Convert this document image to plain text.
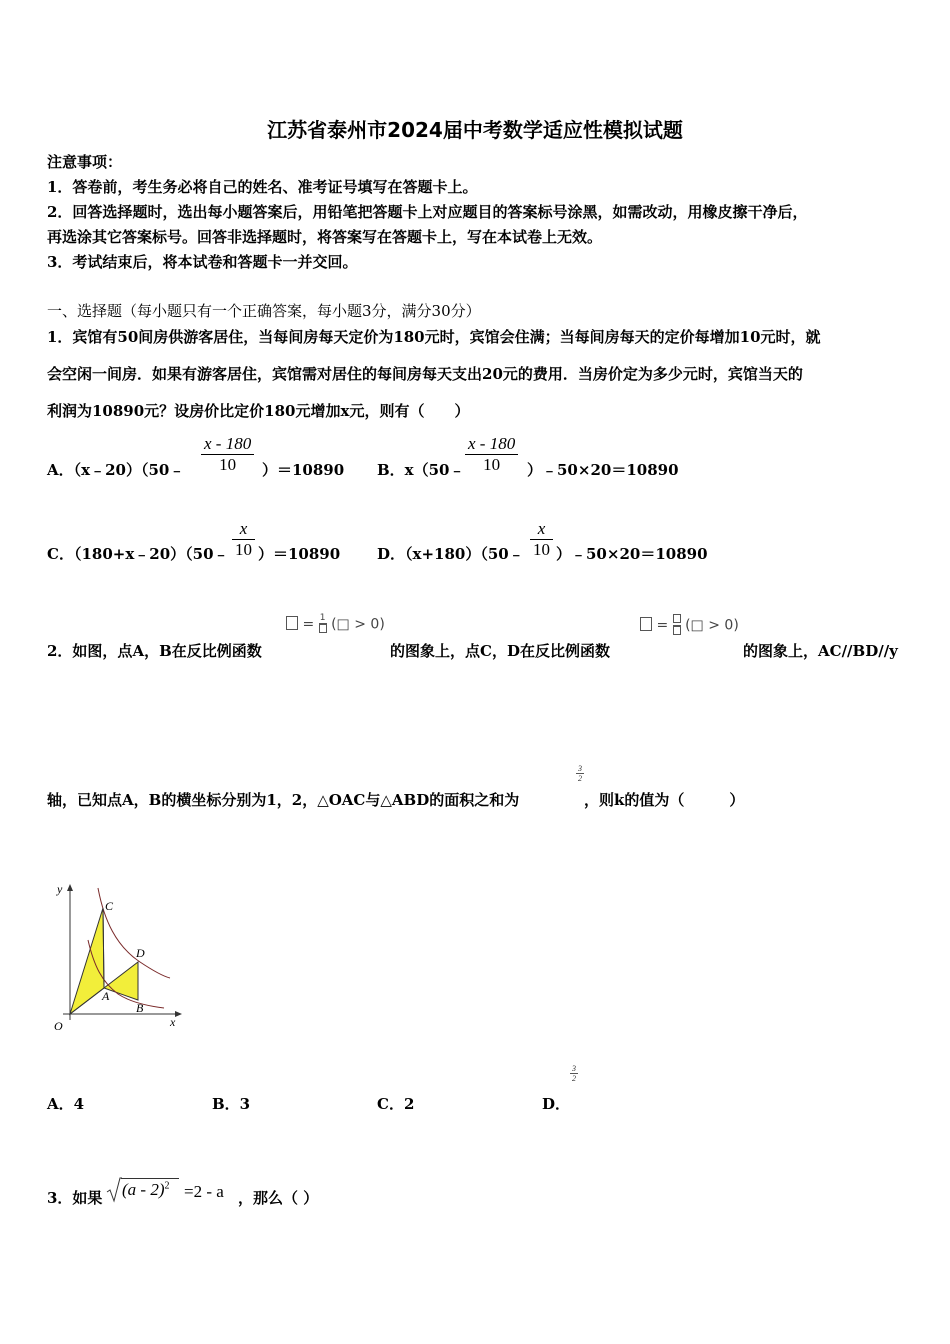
江苏省泰州市2024届中考数学适应性模拟试题
注意事项：
1．答卷前，考生务必将自己的姓名、准考证号填写在答题卡上。
2．回答选择题时，选出每小题答案后，用铅笔把答题卡上对应题目的答案标号涂黑，如需改动，用橡皮擦干净后，
再选涂其它答案标号。回答非选择题时，将答案写在答题卡上，写在本试卷上无效。
3．考试结束后，将本试卷和答题卡一并交回。
一、选择题（每小题只有一个正确答案，每小题3分，满分30分）
1．宾馆有50间房供游客居住，当每间房每天定价为180元时，宾馆会住满；当每间房每天的定价每增加10元时，就
会空闲一间房．如果有游客居住，宾馆需对居住的每间房每天支出20元的费用．当房价定为多少元时，宾馆当天的
利润为10890元？设房价比定价180元增加x元，则有（　　）
A．（x﹣20）（50﹣ $\frac{x - 180}{10} )=10890$ B．x（50﹣ $\frac{x - 180}{10}$ ）﹣50×20＝10890
C．（180+x﹣20）（50﹣ $\frac{x}{10} )=10890$ D．（x+180）（50﹣ $\frac{x}{10}$ ）﹣50×20＝10890
= 1 (□ > 0)	=
(□ > 0)
2．如图，点A，B在反比例函数	的图象上，点C，D在反比例函数	的图象上，AC//BD//y
$\frac{3}{2}$
轴，已知点A，B的横坐标分别为1，2，△OAC与△ABD的面积之和为	，则k的值为（　　　）
y
x
O
C
D
A
B
A．4	B．3	C．2	D．
$\frac{3}{2}$
3．如果 (a - 2)$^2$ =2 - a ，那么（ ）
